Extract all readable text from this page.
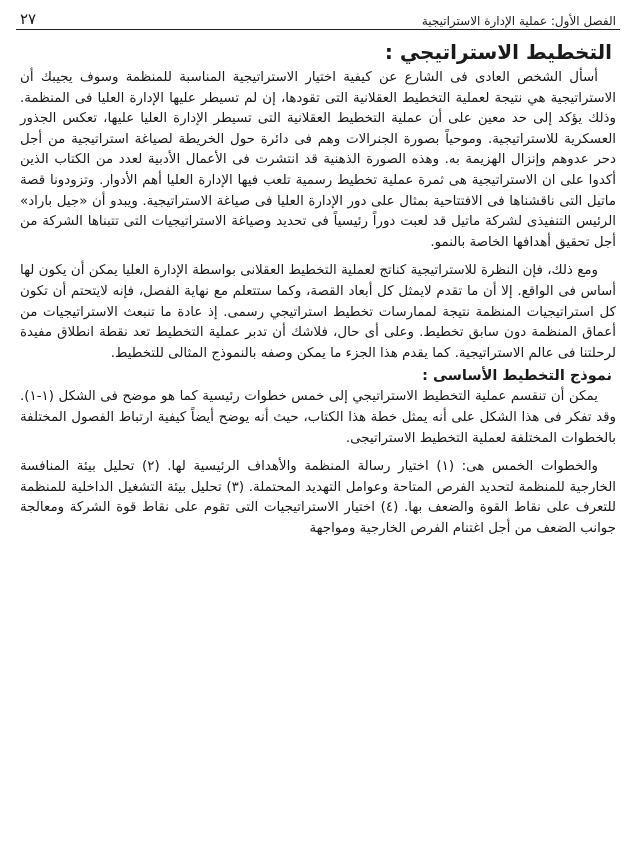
الفصل الأول: عملية الإدارة الاستراتيجية
٢٧
التخطيط الاستراتيجي :

أسأل الشخص العادى فى الشارع عن كيفية اختيار الاستراتيجية المناسبة للمنظمة وسوف يجيبك أن الاستراتيجية هي نتيجة لعملية التخطيط العقلانية التى تقودها، إن لم تسيطر عليها الإدارة العليا فى المنظمة. وذلك يؤكد إلى حد معين على أن عملية التخطيط العقلانية التى تسيطر الإدارة العليا عليها، تعكس الجذور العسكرية للاستراتيجية. وموحياً بصورة الجنرالات وهم فى دائرة حول الخريطة لصياغة استراتيجية من أجل دحر عدوهم وإنزال الهزيمة به. وهذه الصورة الذهنية قد انتشرت فى الأعمال الأدبية لعدد من الكتاب الذين أكدوا على ان الاستراتيجية هى ثمرة عملية تخطيط رسمية تلعب فيها الإدارة العليا أهم الأدوار. وتزودونا قصة ماتيل التى ناقشناها فى الافتتاحية بمثال على دور الإدارة العليا فى صياغة الاستراتيجية. ويبدو أن «جيل باراد» الرئيس التنفيذى لشركة ماتيل قد لعبت دوراً رئيسياً فى تحديد وصياغة الاستراتيجيات التى تتبناها الشركة من أجل تحقيق أهدافها الخاصة بالنمو.

ومع ذلك، فإن النظرة للاستراتيجية كناتج لعملية التخطيط العقلانى بواسطة الإدارة العليا يمكن أن يكون لها أساس فى الواقع. إلا أن ما تقدم لايمثل كل أبعاد القصة، وكما ستتعلم مع نهاية الفصل، فإنه لايتحتم أن تكون كل استراتيجيات المنظمة نتيجة لممارسات تخطيط استراتيجي رسمى. إذ عادة ما تنبعث الاستراتيجيات من أعماق المنظمة دون سابق تخطيط. وعلى أى حال، فلاشك أن تدبر عملية التخطيط تعد نقطة انطلاق مفيدة لرحلتنا فى عالم الاستراتيجية. كما يقدم هذا الجزء ما يمكن وصفه بالنموذج المثالى للتخطيط.

نموذج التخطيط الأساسى :

يمكن أن تنقسم عملية التخطيط الاستراتيجي إلى خمس خطوات رئيسية كما هو موضح فى الشكل (١-١). وقد تفكر فى هذا الشكل على أنه يمثل خطة هذا الكتاب، حيث أنه يوضح أيضاً كيفية ارتباط الفصول المختلفة بالخطوات المختلفة لعملية التخطيط الاستراتيجى.

والخطوات الخمس هى: (١) اختيار رسالة المنظمة والأهداف الرئيسية لها. (٢) تحليل بيئة المنافسة الخارجية للمنظمة لتحديد الفرص المتاحة وعوامل التهديد المحتملة. (٣) تحليل بيئة التشغيل الداخلية للمنظمة للتعرف على نقاط القوة والضعف بها. (٤) اختيار الاستراتيجيات التى تقوم على نقاط قوة الشركة ومعالجة جوانب الضعف من أجل اغتنام الفرص الخارجية ومواجهة
